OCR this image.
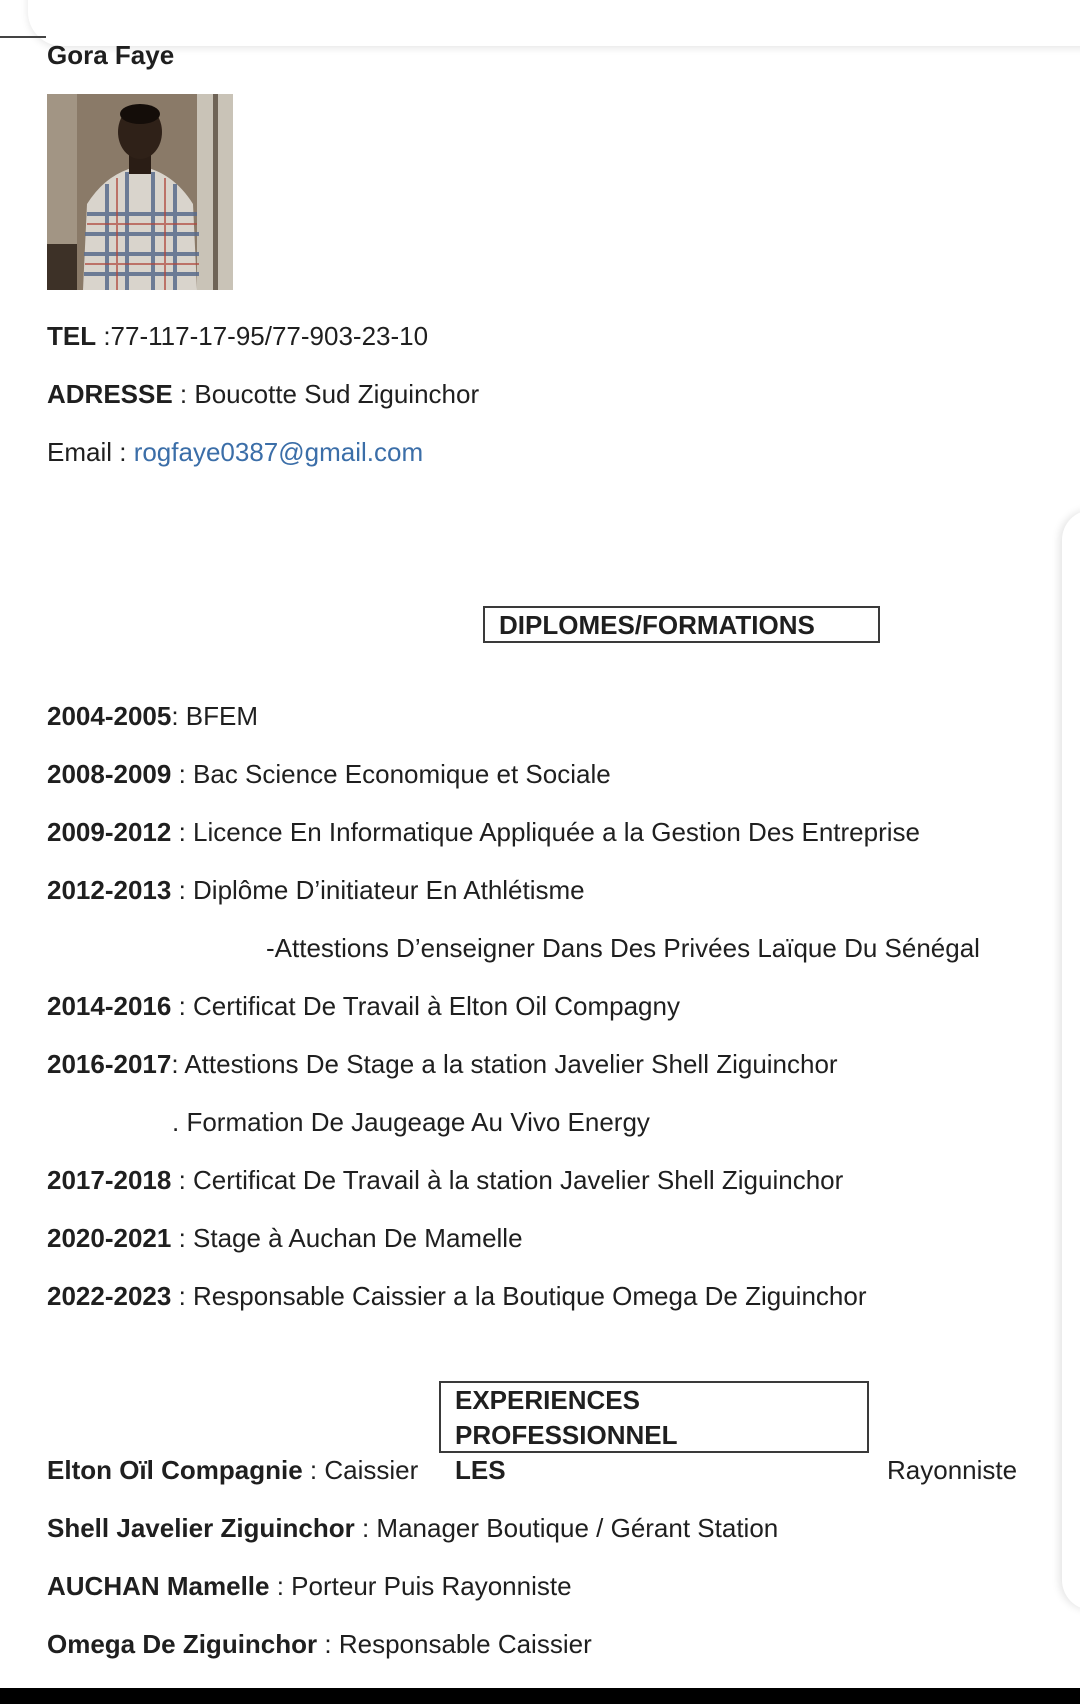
Gora Faye
TEL :77-117-17-95/77-903-23-10
ADRESSE : Boucotte Sud Ziguinchor
Email : rogfaye0387@gmail.com
DIPLOMES/FORMATIONS
2004-2005: BFEM
2008-2009 : Bac Science Economique et Sociale
2009-2012 : Licence En Informatique Appliquée a la Gestion Des Entreprise
2012-2013 : Diplôme D’initiateur En Athlétisme
-Attestions D’enseigner Dans Des Privées Laïque Du Sénégal
2014-2016 : Certificat De Travail à Elton Oil Compagny
2016-2017: Attestions De Stage a la station Javelier Shell Ziguinchor
. Formation De Jaugeage Au Vivo Energy
2017-2018 : Certificat De Travail à la station Javelier Shell Ziguinchor
2020-2021 : Stage à Auchan De Mamelle
2022-2023 : Responsable Caissier a la Boutique Omega De Ziguinchor
EXPERIENCES PROFESSIONNEL
LES
Elton Oïl Compagnie : Caissier	Rayonniste
Shell Javelier Ziguinchor : Manager Boutique / Gérant Station
AUCHAN Mamelle : Porteur Puis Rayonniste
Omega De Ziguinchor : Responsable Caissier
